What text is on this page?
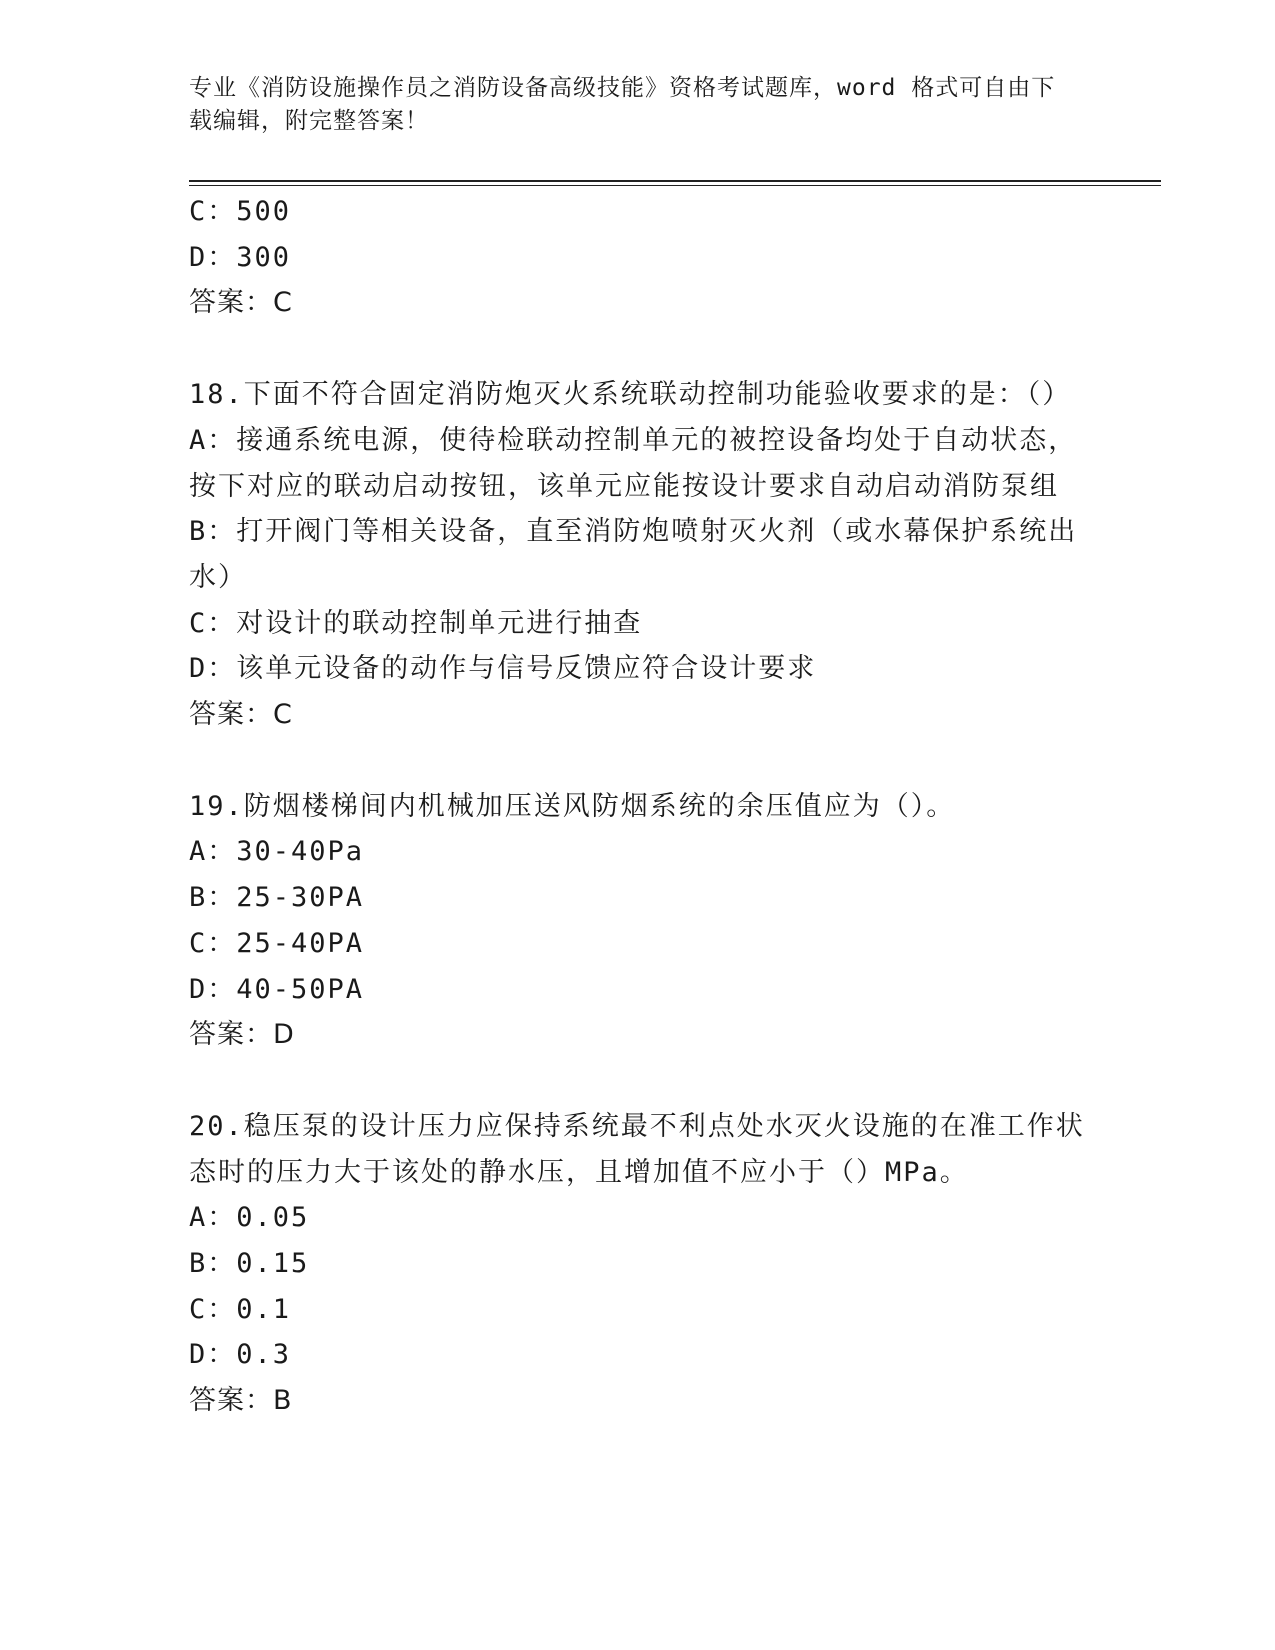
专业《消防设施操作员之消防设备高级技能》资格考试题库，word 格式可自由下
载编辑，附完整答案！
C：500
D：300
答案：C
18.下面不符合固定消防炮灭火系统联动控制功能验收要求的是：（）
A：接通系统电源，使待检联动控制单元的被控设备均处于自动状态，
按下对应的联动启动按钮，该单元应能按设计要求自动启动消防泵组
B：打开阀门等相关设备，直至消防炮喷射灭火剂（或水幕保护系统出
水）
C：对设计的联动控制单元进行抽查
D：该单元设备的动作与信号反馈应符合设计要求
答案：C
19.防烟楼梯间内机械加压送风防烟系统的余压值应为（）。
A：30-40Pa
B：25-30PA
C：25-40PA
D：40-50PA
答案：D
20.稳压泵的设计压力应保持系统最不利点处水灭火设施的在准工作状
态时的压力大于该处的静水压，且增加值不应小于（）MPa。
A：0.05
B：0.15
C：0.1
D：0.3
答案：B
